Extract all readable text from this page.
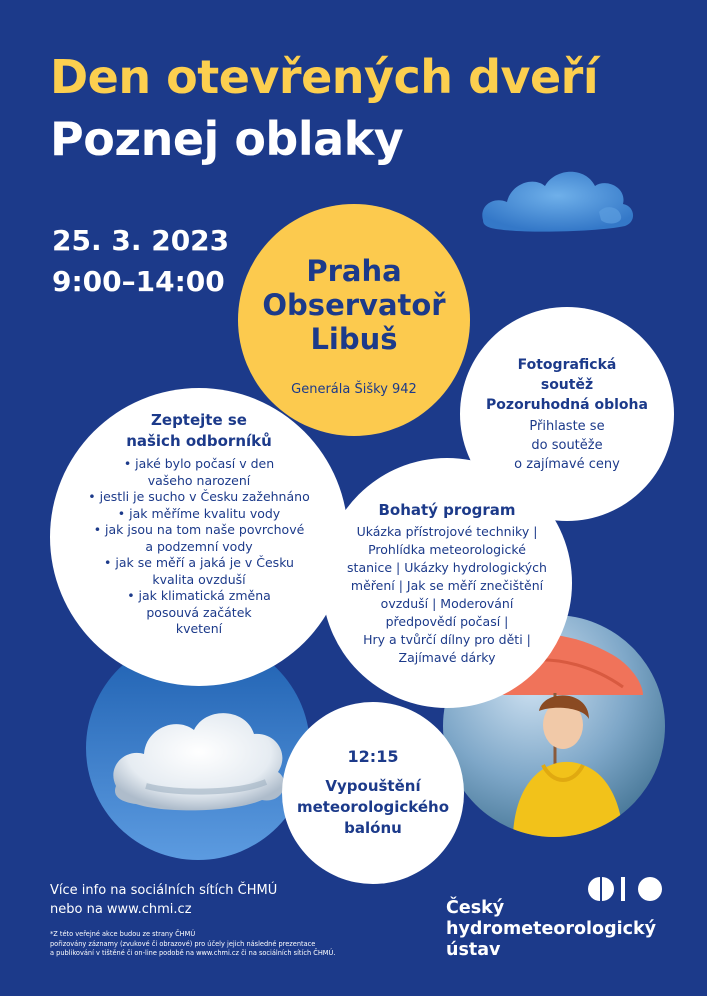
Den otevřených dveří
Poznej oblaky
25. 3. 2023
9:00–14:00	Praha
Observatoř
Libuš
Generála Šišky 942
Fotografická
soutěž
Pozoruhodná obloha
Přihlaste se
do soutěže
o zajímavé ceny
Zeptejte se
našich odborníků
• jaké bylo počasí v den
vašeho narození
• jestli je sucho v Česku zažehnáno
• jak měříme kvalitu vody
• jak jsou na tom naše povrchové
a podzemní vody
• jak se měří a jaká je v Česku
kvalita ovzduší
• jak klimatická změna
posouvá začátek
kvetení
Bohatý program
Ukázka přístrojové techniky |
Prohlídka meteorologické
stanice | Ukázky hydrologických
měření | Jak se měří znečištění
ovzduší | Moderování
předpovědí počasí |
Hry a tvůrčí dílny pro děti |
Zajímavé dárky
12:15
Vypouštění
meteorologického
balónu
Více info na sociálních sítích ČHMÚ
nebo na www.chmi.cz
*Z této veřejné akce budou ze strany ČHMÚ
pořizovány záznamy (zvukové či obrazové) pro účely jejich následné prezentace
a publikování v tištěné či on-line podobě na www.chmi.cz či na sociálních sítích ČHMÚ.
Český
hydrometeorologický
ústav
